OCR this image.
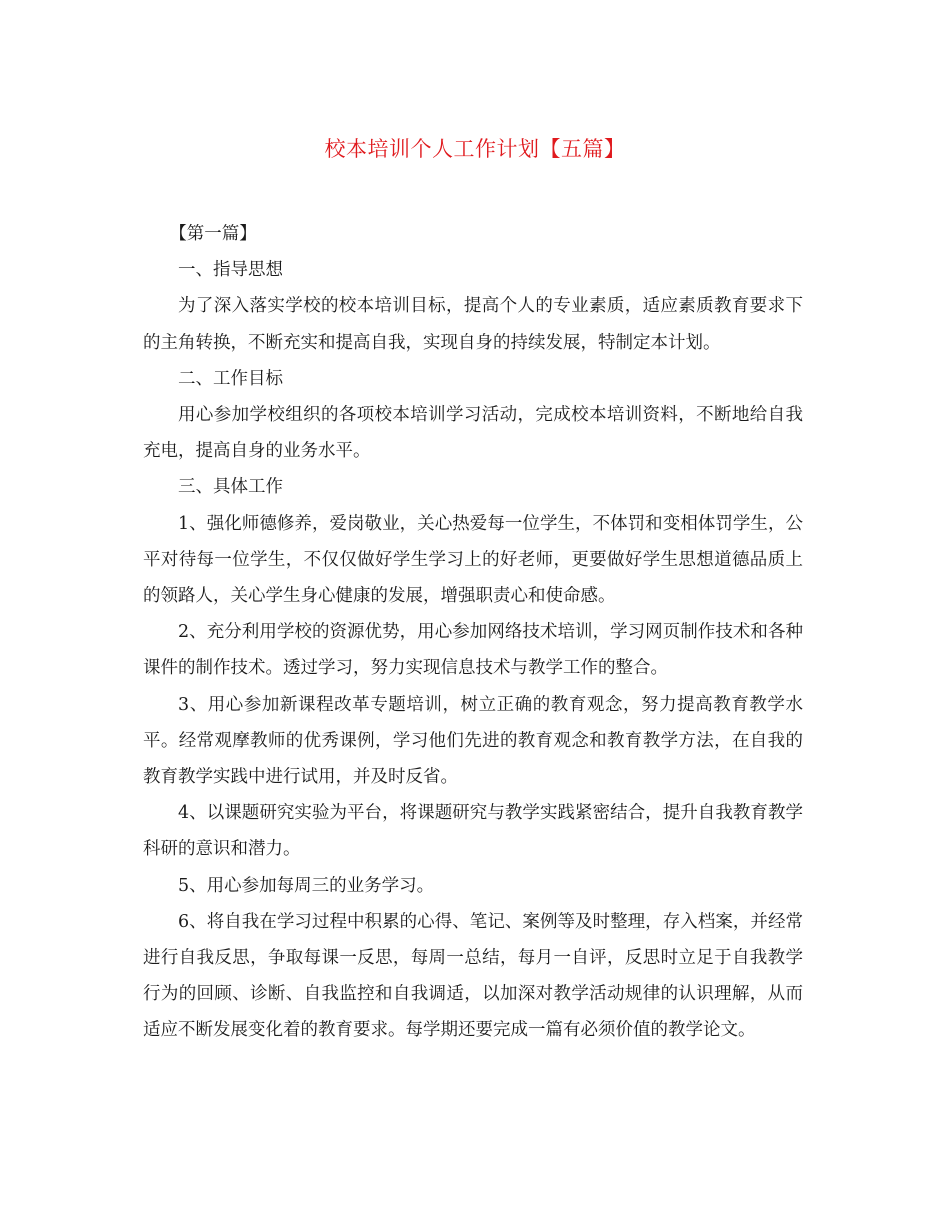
校本培训个人工作计划【五篇】

【第一篇】

一、指导思想

为了深入落实学校的校本培训目标，提高个人的专业素质，适应素质教育要求下的主角转换，不断充实和提高自我，实现自身的持续发展，特制定本计划。

二、工作目标

用心参加学校组织的各项校本培训学习活动，完成校本培训资料，不断地给自我充电，提高自身的业务水平。

三、具体工作

1、强化师德修养，爱岗敬业，关心热爱每一位学生，不体罚和变相体罚学生，公平对待每一位学生，不仅仅做好学生学习上的好老师，更要做好学生思想道德品质上的领路人，关心学生身心健康的发展，增强职责心和使命感。

2、充分利用学校的资源优势，用心参加网络技术培训，学习网页制作技术和各种课件的制作技术。透过学习，努力实现信息技术与教学工作的整合。

3、用心参加新课程改革专题培训，树立正确的教育观念，努力提高教育教学水平。经常观摩教师的优秀课例，学习他们先进的教育观念和教育教学方法，在自我的教育教学实践中进行试用，并及时反省。

4、以课题研究实验为平台，将课题研究与教学实践紧密结合，提升自我教育教学科研的意识和潜力。

5、用心参加每周三的业务学习。

6、将自我在学习过程中积累的心得、笔记、案例等及时整理，存入档案，并经常进行自我反思，争取每课一反思，每周一总结，每月一自评，反思时立足于自我教学行为的回顾、诊断、自我监控和自我调适，以加深对教学活动规律的认识理解，从而适应不断发展变化着的教育要求。每学期还要完成一篇有必须价值的教学论文。
